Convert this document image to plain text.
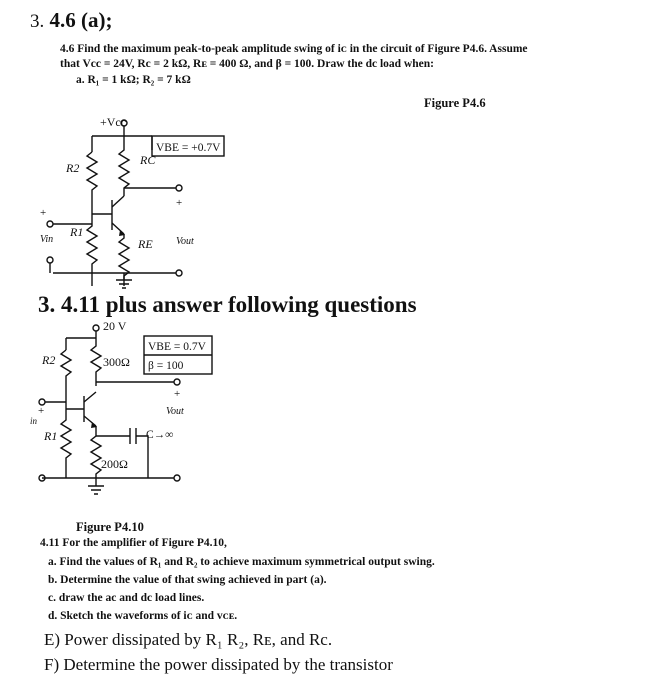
3. 4.6 (a);
4.6 Find the maximum peak-to-peak amplitude swing of iᴄ in the circuit of Figure P4.6. Assume
that Vcc = 24V, Rc = 2 kΩ, Rᴇ = 400 Ω, and β = 100. Draw the dc load when:
a. R₁ = 1 kΩ; R₂ = 7 kΩ
Figure P4.6
+Vcc
R2
RC
VBE = +0.7V
+
R1
+
Vin	RE Vout
3. 4.11 plus answer following questions
20 V
R2	300Ω
VBE = 0.7V
β = 100
+
+
in
Vout
R1
200Ω
C→∞
Figure P4.10
4.11 For the amplifier of Figure P4.10,
a. Find the values of R₁ and R₂ to achieve maximum symmetrical output swing.
b. Determine the value of that swing achieved in part (a).
c. draw the ac and dc load lines.
d. Sketch the waveforms of iᴄ and vᴄᴇ.
E) Power dissipated by R₁ R₂, Rᴇ, and Rc.
F) Determine the power dissipated by the transistor
